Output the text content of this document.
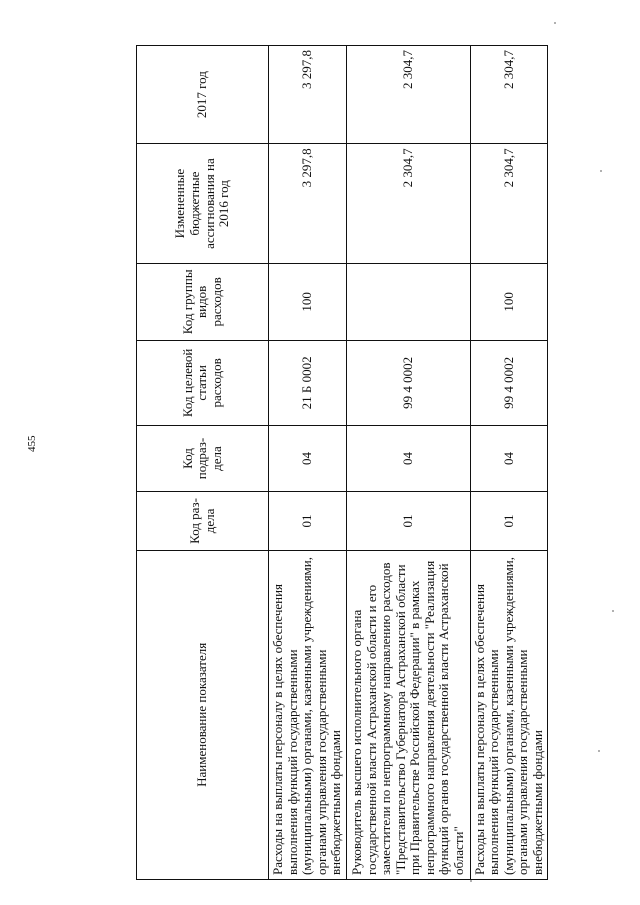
455
Наименование показателя	Код раз-дела	Код подраз-дела	Код целевой статьи расходов	Код группы видов расходов	Измененные бюджетные ассигнования на 2016 год	2017 год
Расходы на выплаты персоналу в целях обеспечения выполнения функций государственными (муниципальными) органами, казенными учреждениями, органами управления государственными внебюджетными фондами	01	04	21 Б 0002	100	3 297,8	3 297,8
Руководитель высшего исполнительного органа государственной власти Астраханской области и его заместители по непрограммному направлению расходов "Представительство Губернатора Астраханской области при Правительстве Российской Федерации" в рамках непрограммного направления деятельности "Реализация функций органов государственной власти Астраханской области"	01	04	99 4 0002		2 304,7	2 304,7
Расходы на выплаты персоналу в целях обеспечения выполнения функций государственными (муниципальными) органами, казенными учреждениями, органами управления государственными внебюджетными фондами	01	04	99 4 0002	100	2 304,7	2 304,7
